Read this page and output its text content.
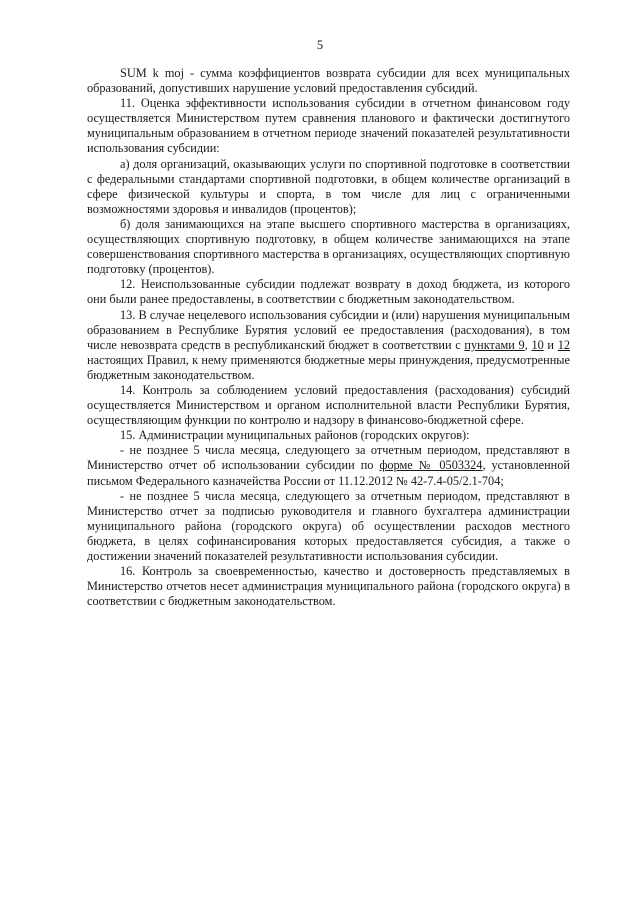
5

SUM k moj - сумма коэффициентов возврата субсидии для всех муниципальных образований, допустивших нарушение условий предоставления субсидий.

11. Оценка эффективности использования субсидии в отчетном финансовом году осуществляется Министерством путем сравнения планового и фактически достигнутого муниципальным образованием в отчетном периоде значений показателей результативности использования субсидии:

а) доля организаций, оказывающих услуги по спортивной подготовке в соответствии с федеральными стандартами спортивной подготовки, в общем количестве организаций в сфере физической культуры и спорта, в том числе для лиц с ограниченными возможностями здоровья и инвалидов (процентов);

б) доля занимающихся на этапе высшего спортивного мастерства в организациях, осуществляющих спортивную подготовку, в общем количестве занимающихся на этапе совершенствования спортивного мастерства в организациях, осуществляющих спортивную подготовку (процентов).

12. Неиспользованные субсидии подлежат возврату в доход бюджета, из которого они были ранее предоставлены, в соответствии с бюджетным законодательством.

13. В случае нецелевого использования субсидии и (или) нарушения муниципальным образованием в Республике Бурятия условий ее предоставления (расходования), в том числе невозврата средств в республиканский бюджет в соответствии с пунктами 9, 10 и 12 настоящих Правил, к нему применяются бюджетные меры принуждения, предусмотренные бюджетным законодательством.

14. Контроль за соблюдением условий предоставления (расходования) субсидий осуществляется Министерством и органом исполнительной власти Республики Бурятия, осуществляющим функции по контролю и надзору в финансово-бюджетной сфере.

15. Администрации муниципальных районов (городских округов):

- не позднее 5 числа месяца, следующего за отчетным периодом, представляют в Министерство отчет об использовании субсидии по форме № 0503324, установленной письмом Федерального казначейства России от 11.12.2012 № 42-7.4-05/2.1-704;

- не позднее 5 числа месяца, следующего за отчетным периодом, представляют в Министерство отчет за подписью руководителя и главного бухгалтера администрации муниципального района (городского округа) об осуществлении расходов местного бюджета, в целях софинансирования которых предоставляется субсидия, а также о достижении значений показателей результативности использования субсидии.

16. Контроль за своевременностью, качество и достоверность представляемых в Министерство отчетов несет администрация муниципального района (городского округа) в соответствии с бюджетным законодательством.
